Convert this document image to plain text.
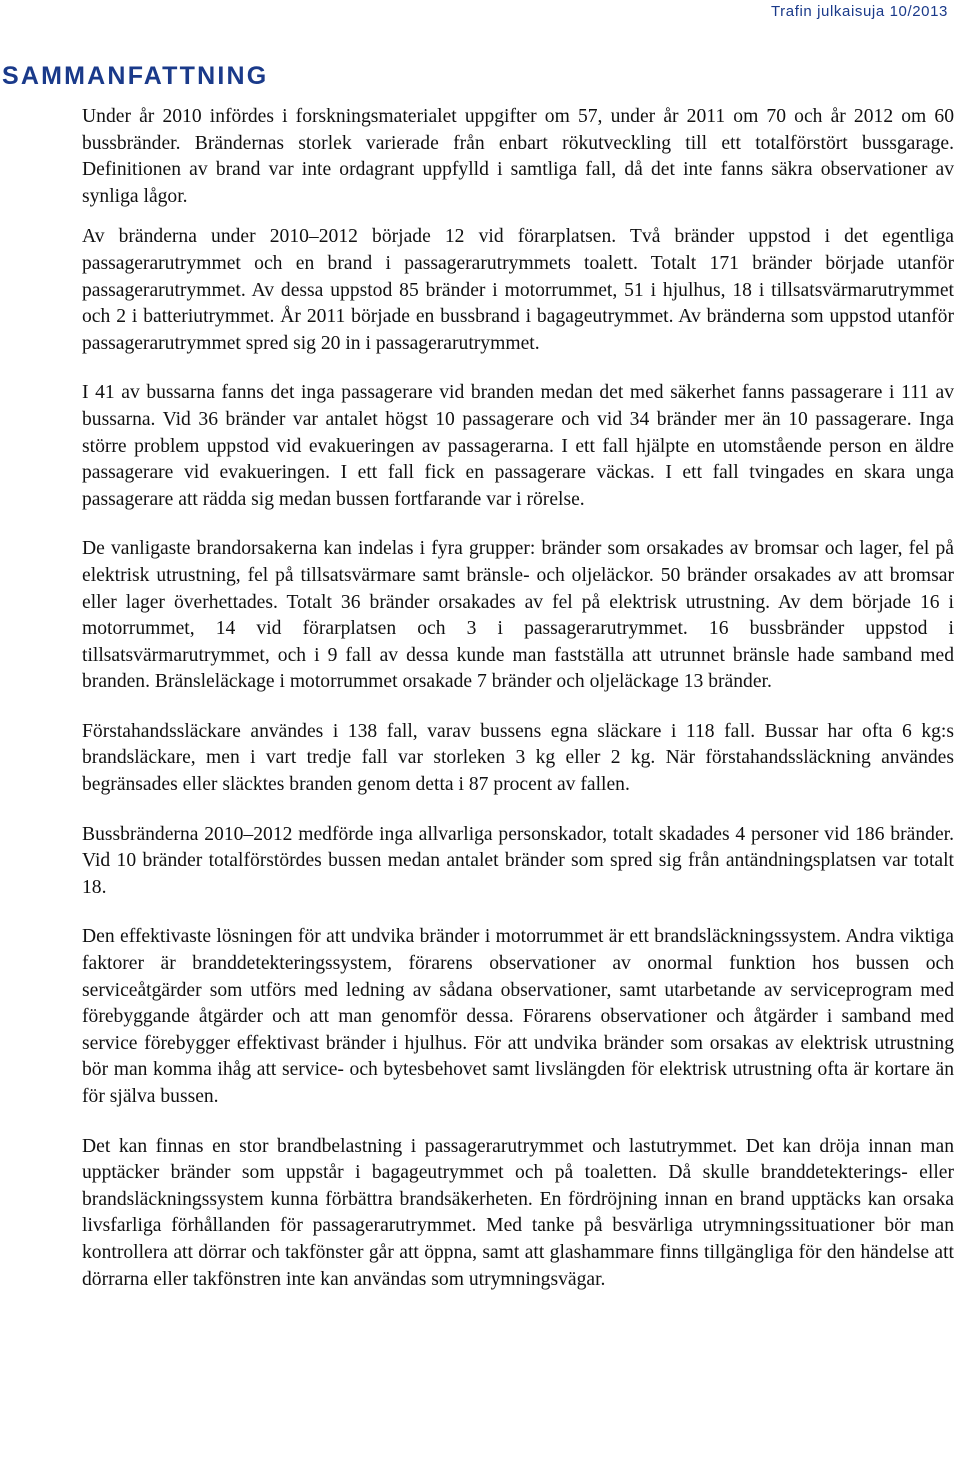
Trafin julkaisuja 10/2013
SAMMANFATTNING

Under år 2010 infördes i forskningsmaterialet uppgifter om 57, under år 2011 om 70 och år 2012 om 60 bussbränder. Brändernas storlek varierade från enbart rökutveckling till ett totalförstört bussgarage. Definitionen av brand var inte ordagrant uppfylld i samtliga fall, då det inte fanns säkra observationer av synliga lågor.

Av bränderna under 2010–2012 började 12 vid förarplatsen. Två bränder uppstod i det egentliga passagerarutrymmet och en brand i passagerarutrymmets toalett. Totalt 171 bränder började utanför passagerarutrymmet. Av dessa uppstod 85 bränder i motorrummet, 51 i hjulhus, 18 i tillsatsvärmarutrymmet och 2 i batteriutrymmet. År 2011 började en bussbrand i bagageutrymmet. Av bränderna som uppstod utanför passagerarutrymmet spred sig 20 in i passagerarutrymmet.

I 41 av bussarna fanns det inga passagerare vid branden medan det med säkerhet fanns passagerare i 111 av bussarna. Vid 36 bränder var antalet högst 10 passagerare och vid 34 bränder mer än 10 passagerare. Inga större problem uppstod vid evakueringen av passagerarna. I ett fall hjälpte en utomstående person en äldre passagerare vid evakueringen. I ett fall fick en passagerare väckas. I ett fall tvingades en skara unga passagerare att rädda sig medan bussen fortfarande var i rörelse.

De vanligaste brandorsakerna kan indelas i fyra grupper: bränder som orsakades av bromsar och lager, fel på elektrisk utrustning, fel på tillsatsvärmare samt bränsle- och oljeläckor. 50 bränder orsakades av att bromsar eller lager överhettades. Totalt 36 bränder orsakades av fel på elektrisk utrustning. Av dem började 16 i motorrummet, 14 vid förarplatsen och 3 i passagerarutrymmet. 16 bussbränder uppstod i tillsatsvärmarutrymmet, och i 9 fall av dessa kunde man fastställa att utrunnet bränsle hade samband med branden. Bränsleläckage i motorrummet orsakade 7 bränder och oljeläckage 13 bränder.

Förstahandssläckare användes i 138 fall, varav bussens egna släckare i 118 fall. Bussar har ofta 6 kg:s brandsläckare, men i vart tredje fall var storleken 3 kg eller 2 kg. När förstahandssläckning användes begränsades eller släcktes branden genom detta i 87 procent av fallen.

Bussbränderna 2010–2012 medförde inga allvarliga personskador, totalt skadades 4 personer vid 186 bränder. Vid 10 bränder totalförstördes bussen medan antalet bränder som spred sig från antändningsplatsen var totalt 18.

Den effektivaste lösningen för att undvika bränder i motorrummet är ett brandsläckningssystem. Andra viktiga faktorer är branddetekteringssystem, förarens observationer av onormal funktion hos bussen och serviceåtgärder som utförs med ledning av sådana observationer, samt utarbetande av serviceprogram med förebyggande åtgärder och att man genomför dessa. Förarens observationer och åtgärder i samband med service förebygger effektivast bränder i hjulhus. För att undvika bränder som orsakas av elektrisk utrustning bör man komma ihåg att service- och bytesbehovet samt livslängden för elektrisk utrustning ofta är kortare än för själva bussen.

Det kan finnas en stor brandbelastning i passagerarutrymmet och lastutrymmet. Det kan dröja innan man upptäcker bränder som uppstår i bagageutrymmet och på toaletten. Då skulle branddetekterings- eller brandsläckningssystem kunna förbättra brandsäkerheten. En fördröjning innan en brand upptäcks kan orsaka livsfarliga förhållanden för passagerarutrymmet. Med tanke på besvärliga utrymningssituationer bör man kontrollera att dörrar och takfönster går att öppna, samt att glashammare finns tillgängliga för den händelse att dörrarna eller takfönstren inte kan användas som utrymningsvägar.
